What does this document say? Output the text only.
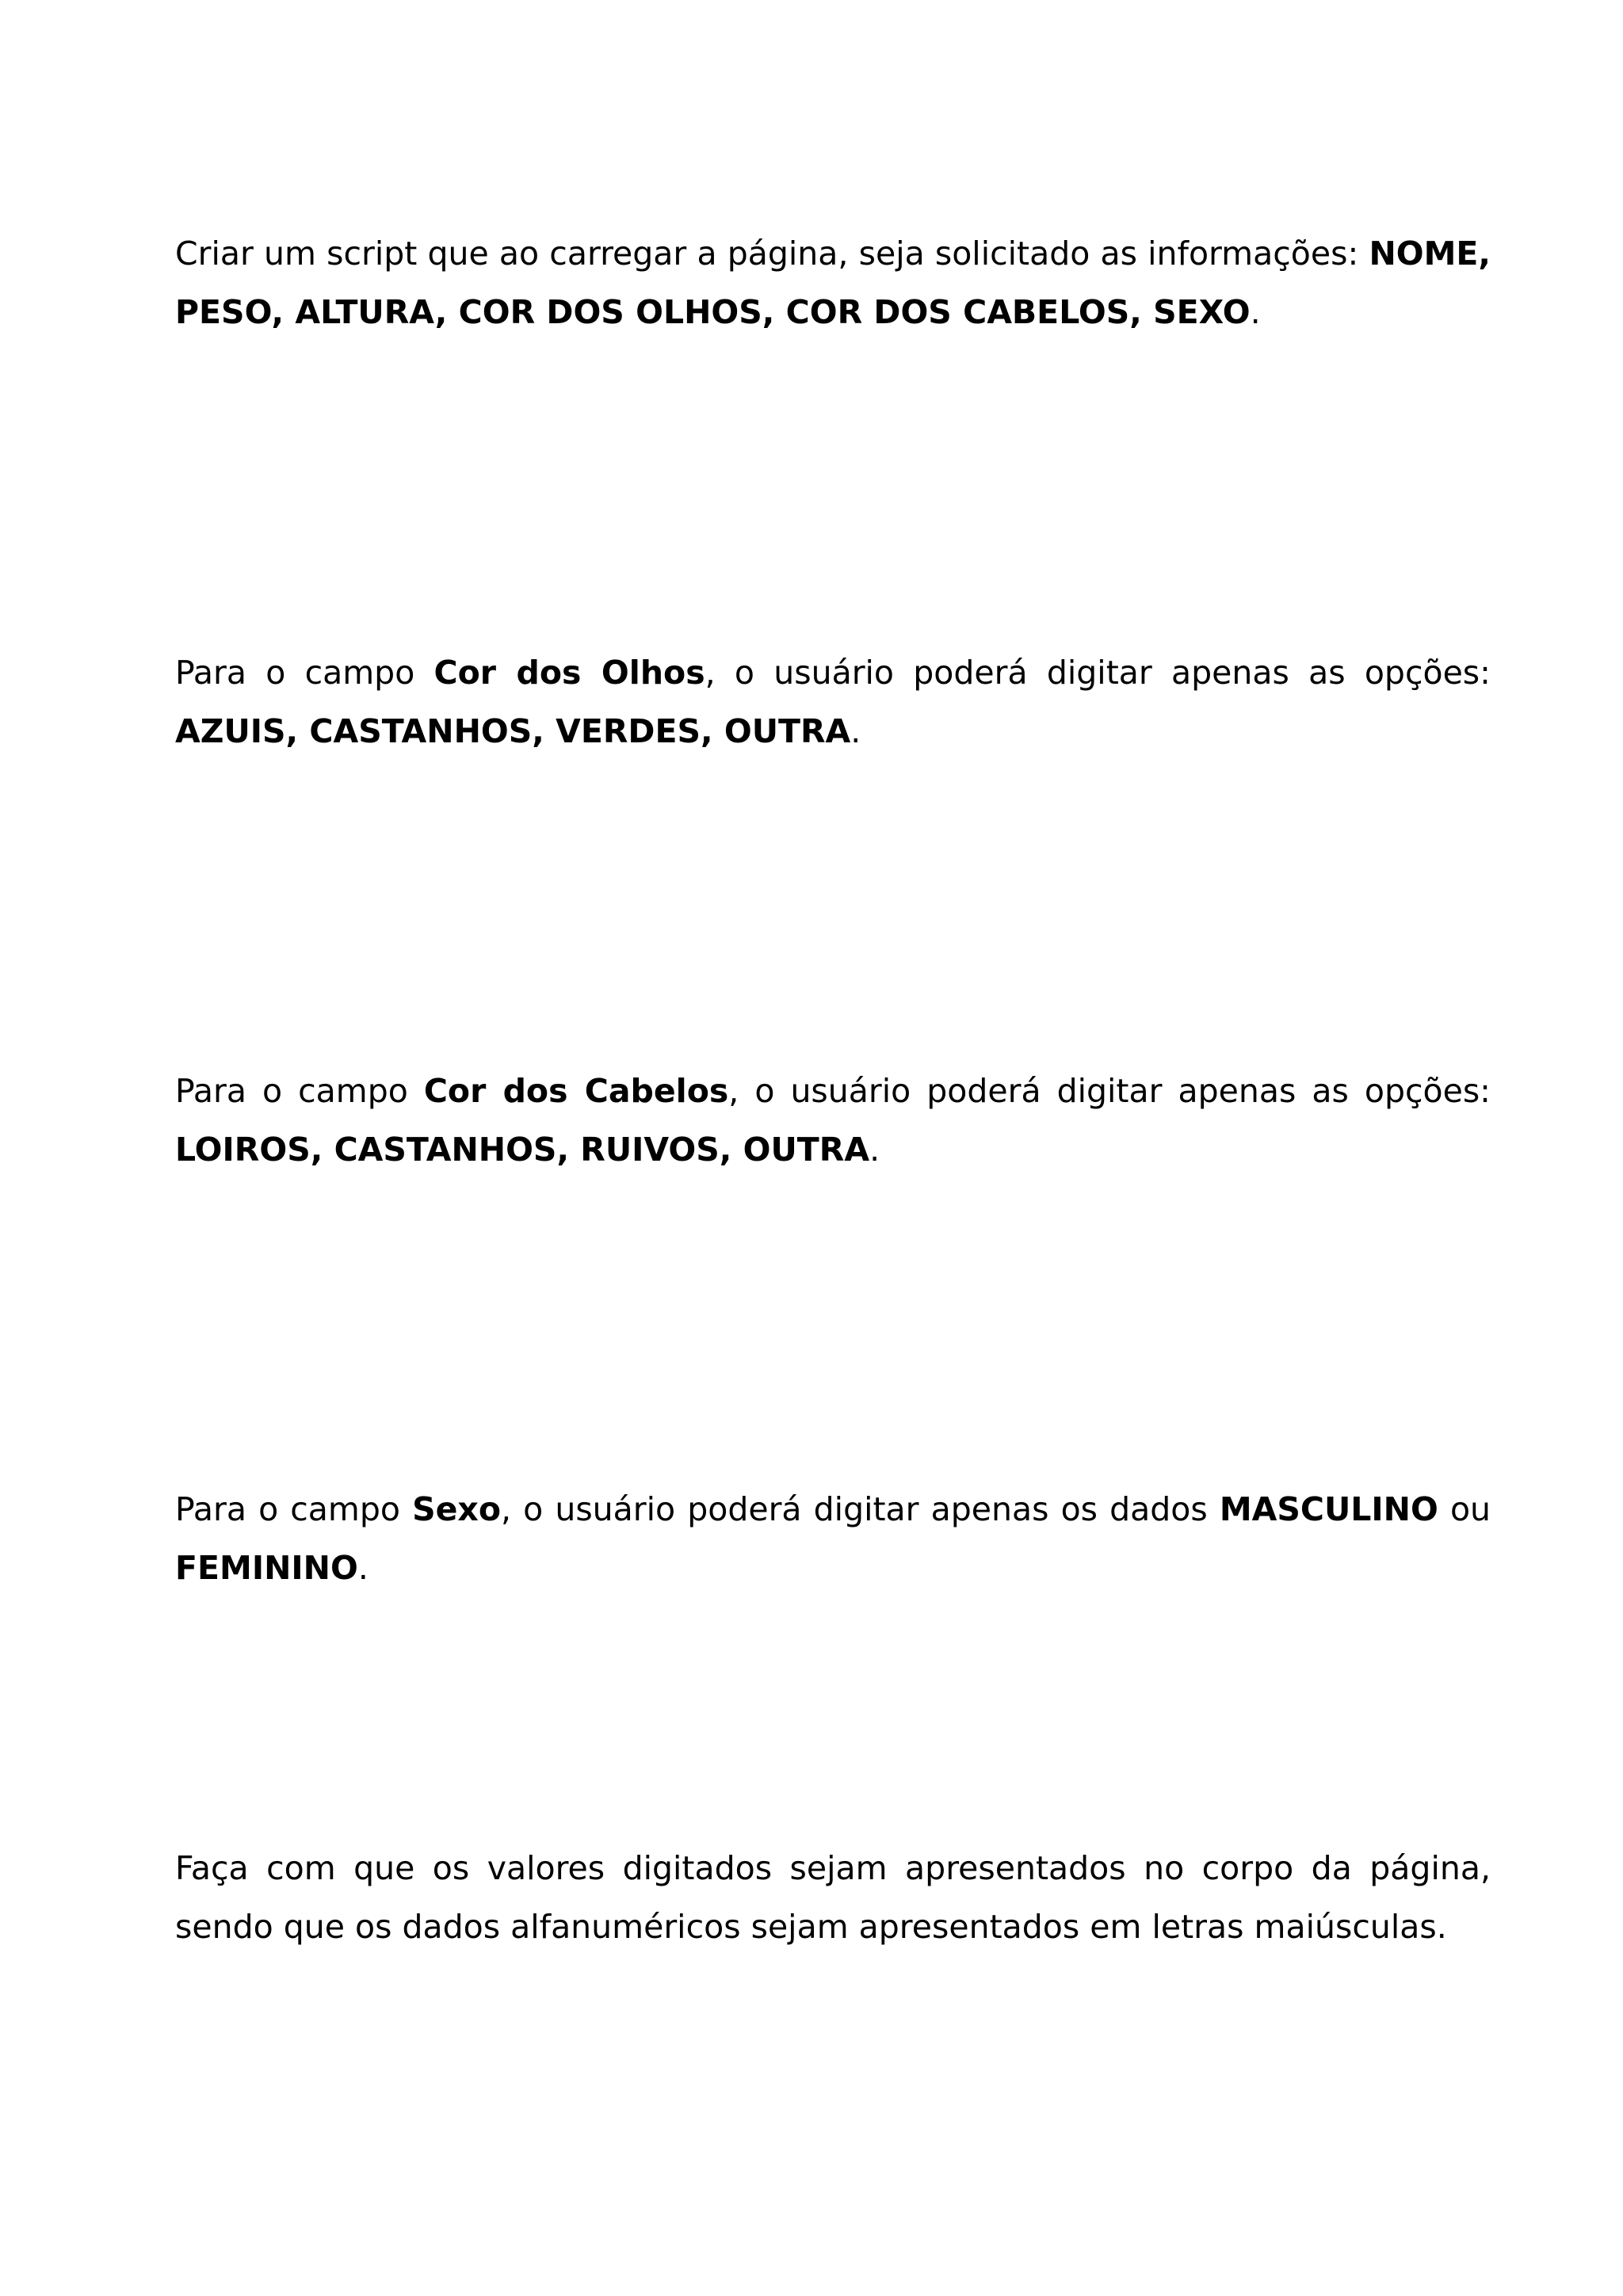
Criar um script que ao carregar a página, seja solicitado as informações: NOME, PESO, ALTURA, COR DOS OLHOS, COR DOS CABELOS, SEXO.

Para o campo Cor dos Olhos, o usuário poderá digitar apenas as opções: AZUIS, CASTANHOS, VERDES, OUTRA.

Para o campo Cor dos Cabelos, o usuário poderá digitar apenas as opções: LOIROS, CASTANHOS, RUIVOS, OUTRA.

Para o campo Sexo, o usuário poderá digitar apenas os dados MASCULINO ou FEMININO.

Faça com que os valores digitados sejam apresentados no corpo da página, sendo que os dados alfanuméricos sejam apresentados em letras maiúsculas.
